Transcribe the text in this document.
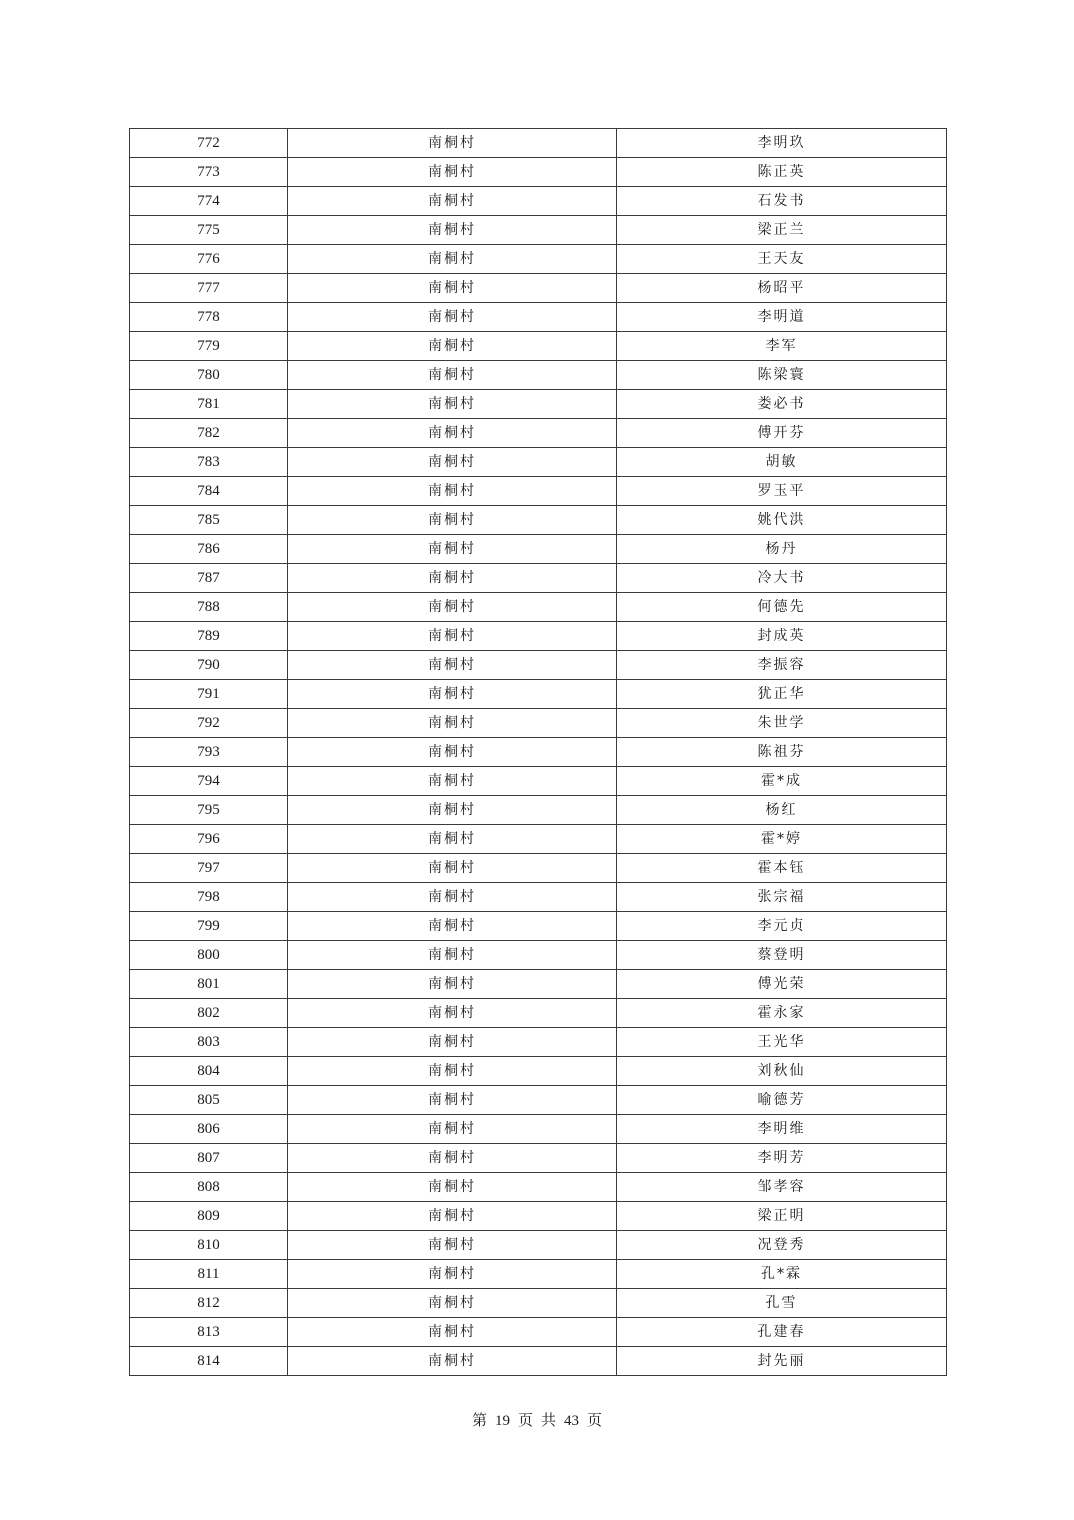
772	南桐村	李明玖
773	南桐村	陈正英
774	南桐村	石发书
775	南桐村	梁正兰
776	南桐村	王天友
777	南桐村	杨昭平
778	南桐村	李明道
779	南桐村	李军
780	南桐村	陈梁寰
781	南桐村	娄必书
782	南桐村	傅开芬
783	南桐村	胡敏
784	南桐村	罗玉平
785	南桐村	姚代洪
786	南桐村	杨丹
787	南桐村	冷大书
788	南桐村	何德先
789	南桐村	封成英
790	南桐村	李振容
791	南桐村	犹正华
792	南桐村	朱世学
793	南桐村	陈祖芬
794	南桐村	霍*成
795	南桐村	杨红
796	南桐村	霍*婷
797	南桐村	霍本钰
798	南桐村	张宗福
799	南桐村	李元贞
800	南桐村	蔡登明
801	南桐村	傅光荣
802	南桐村	霍永家
803	南桐村	王光华
804	南桐村	刘秋仙
805	南桐村	喻德芳
806	南桐村	李明维
807	南桐村	李明芳
808	南桐村	邹孝容
809	南桐村	梁正明
810	南桐村	况登秀
811	南桐村	孔*霖
812	南桐村	孔雪
813	南桐村	孔建春
814	南桐村	封先丽
第 19 页 共 43 页
